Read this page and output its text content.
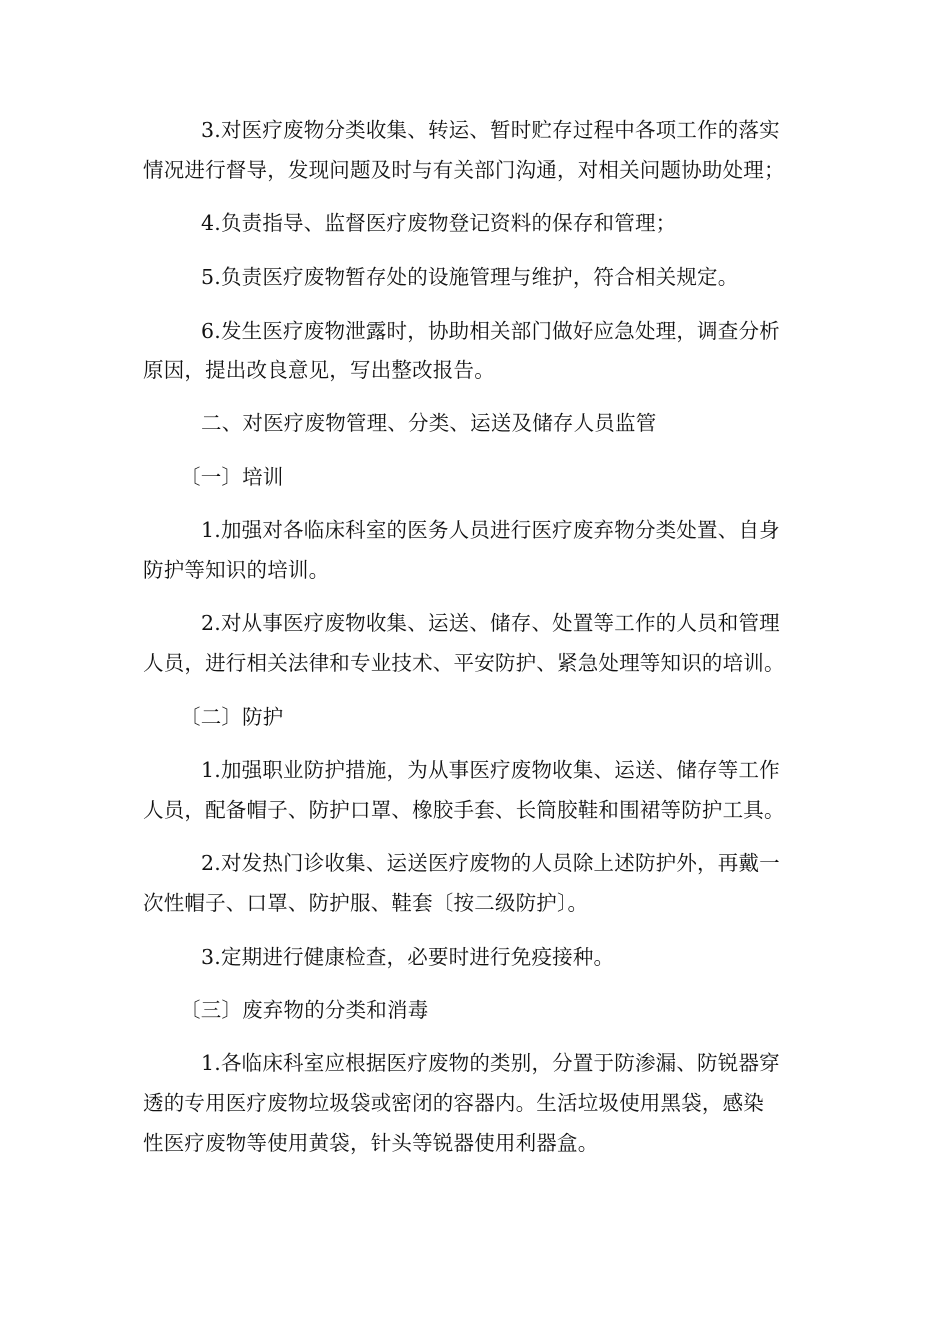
3.对医疗废物分类收集、转运、暂时贮存过程中各项工作的落实
情况进行督导，发现问题及时与有关部门沟通，对相关问题协助处理；
4.负责指导、监督医疗废物登记资料的保存和管理；
5.负责医疗废物暂存处的设施管理与维护，符合相关规定。
6.发生医疗废物泄露时，协助相关部门做好应急处理，调查分析
原因，提出改良意见，写出整改报告。
二、对医疗废物管理、分类、运送及储存人员监管
〔一〕培训
1.加强对各临床科室的医务人员进行医疗废弃物分类处置、自身
防护等知识的培训。
2.对从事医疗废物收集、运送、储存、处置等工作的人员和管理
人员，进行相关法律和专业技术、平安防护、紧急处理等知识的培训。
〔二〕防护
1.加强职业防护措施，为从事医疗废物收集、运送、储存等工作
人员，配备帽子、防护口罩、橡胶手套、长筒胶鞋和围裙等防护工具。
2.对发热门诊收集、运送医疗废物的人员除上述防护外，再戴一
次性帽子、口罩、防护服、鞋套〔按二级防护〕。
3.定期进行健康检查，必要时进行免疫接种。
〔三〕废弃物的分类和消毒
1.各临床科室应根据医疗废物的类别，分置于防渗漏、防锐器穿
透的专用医疗废物垃圾袋或密闭的容器内。生活垃圾使用黑袋，感染
性医疗废物等使用黄袋，针头等锐器使用利器盒。
